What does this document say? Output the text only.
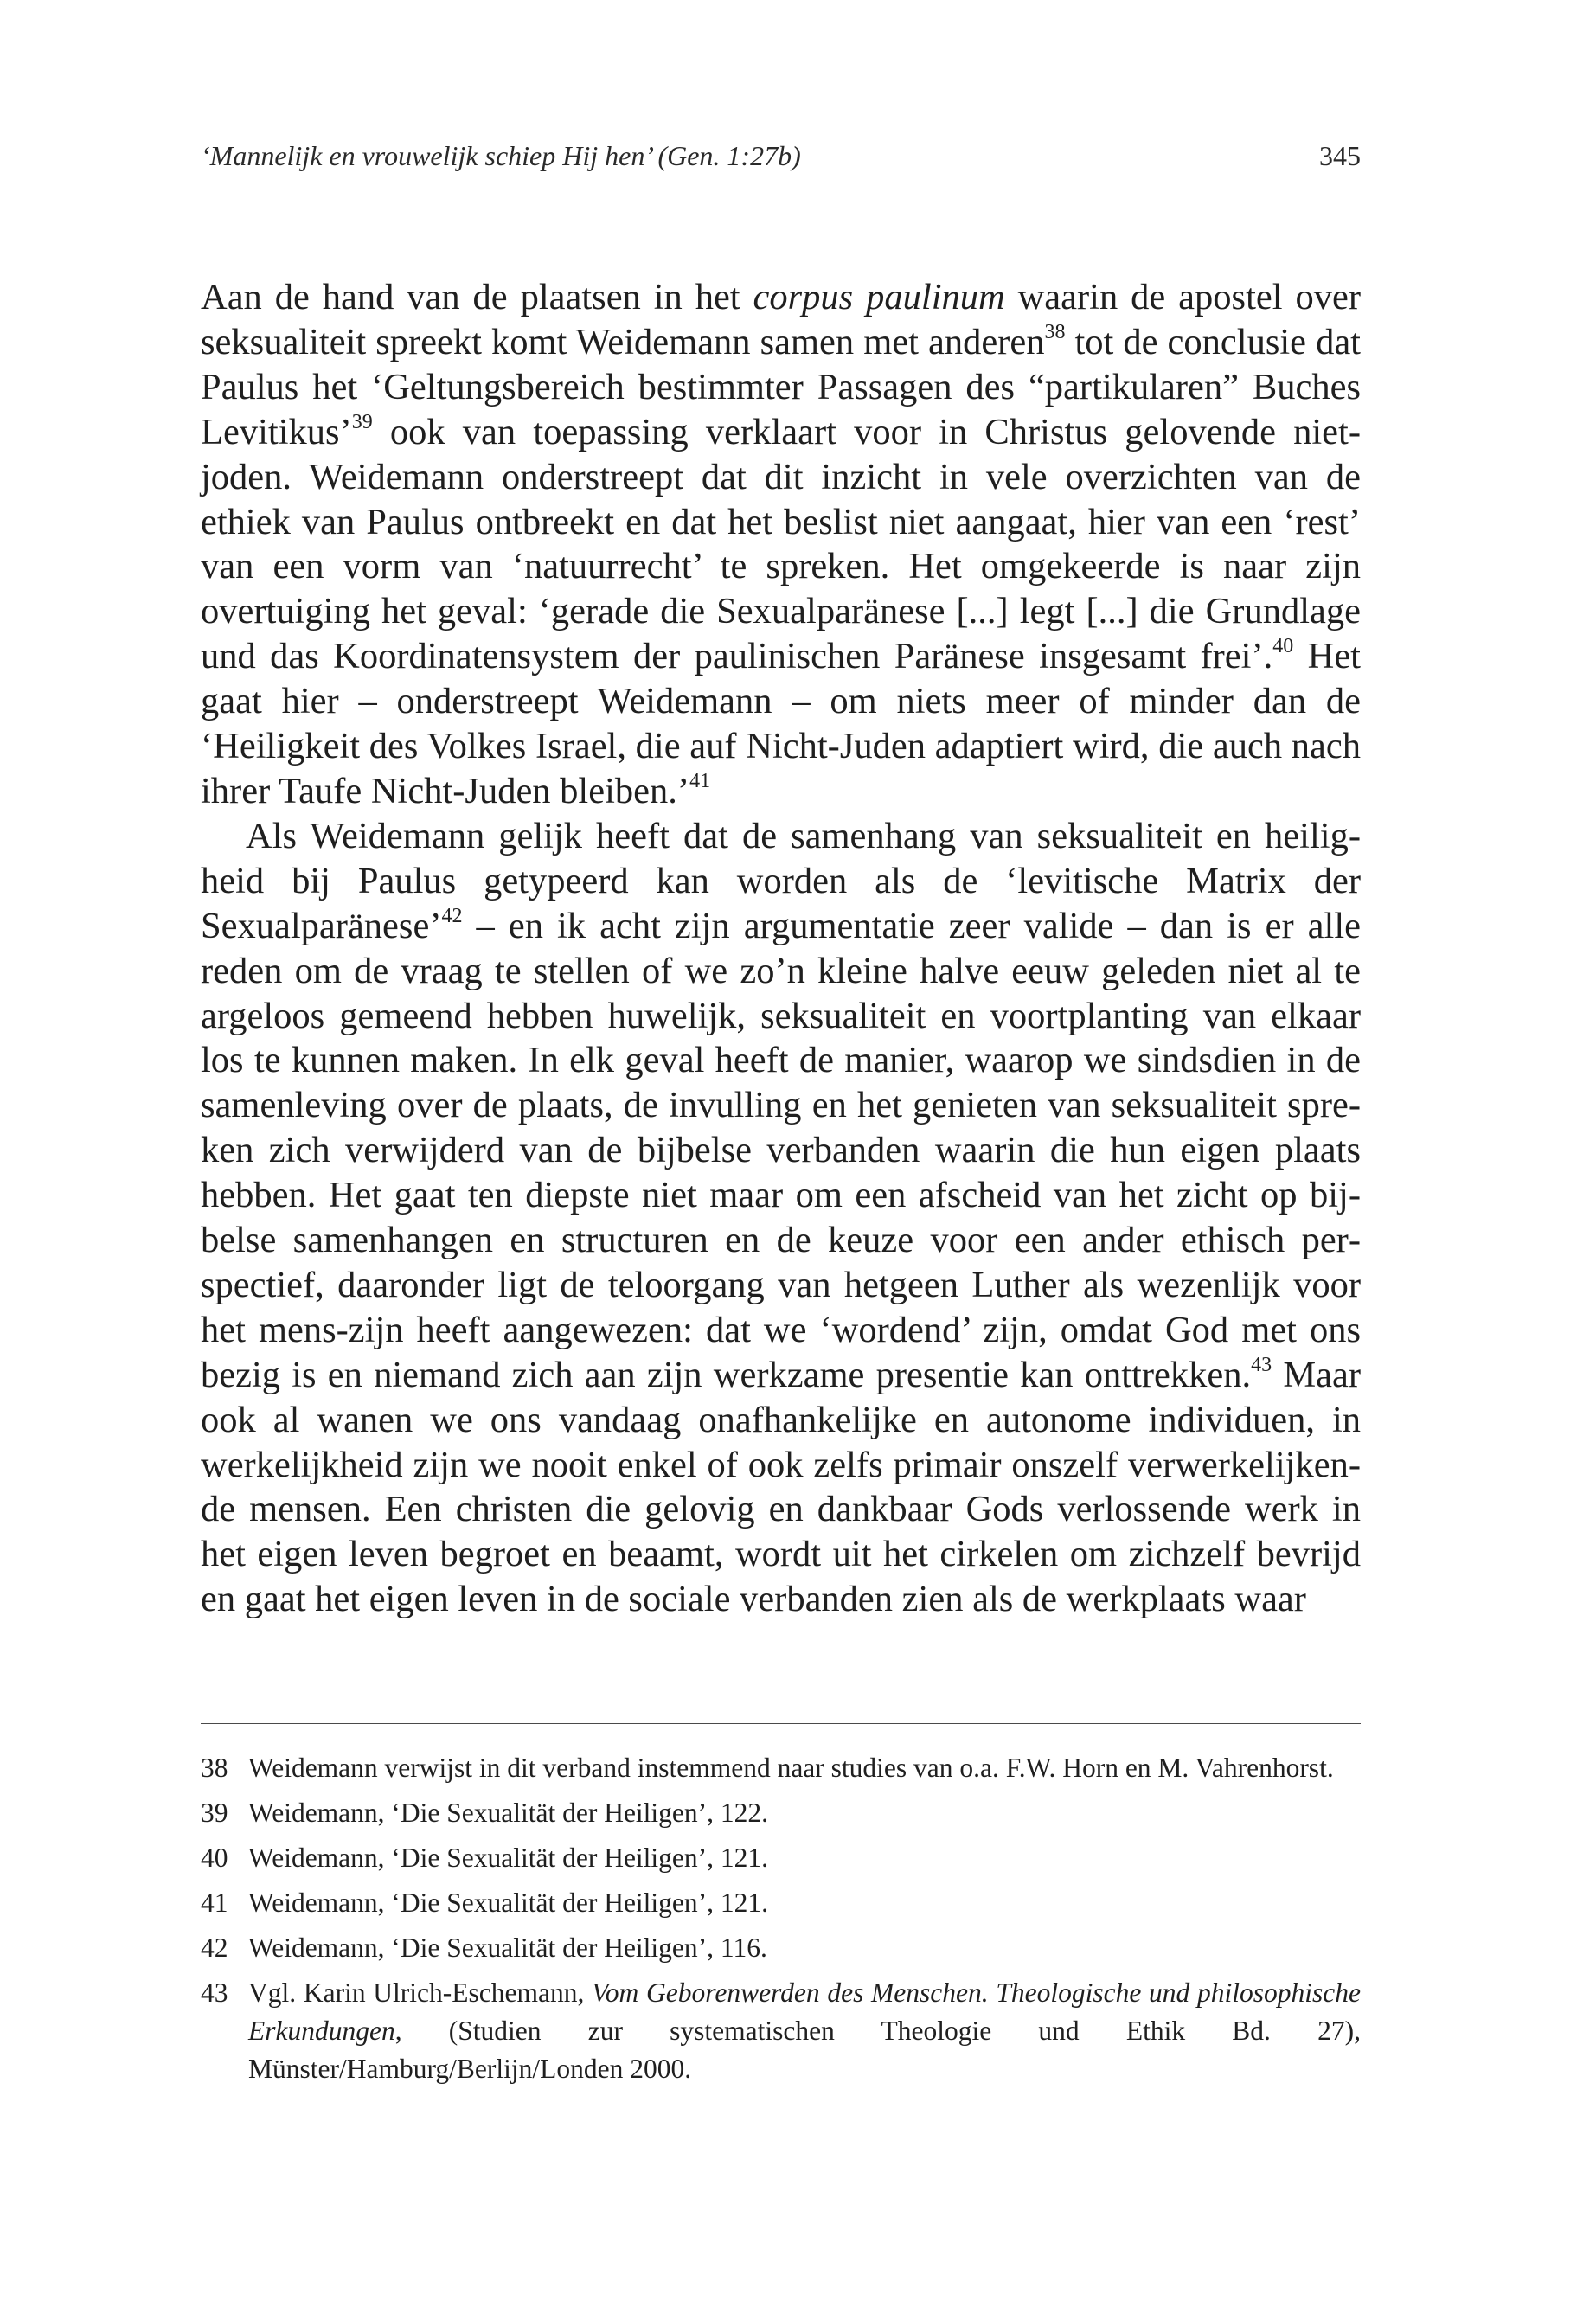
‘Mannelijk en vrouwelijk schiep Hij hen’ (Gen. 1:27b)	345

Aan de hand van de plaatsen in het corpus paulinum waarin de apostel over seksualiteit spreekt komt Weidemann samen met anderen$^{38}$ tot de conclusie dat Paulus het ‘Geltungsbereich bestimmter Passagen des “partikularen” Buches Levitikus’$^{39}$ ook van toepassing verklaart voor in Christus gelovende niet-joden. Weidemann onderstreept dat dit inzicht in vele overzichten van de ethiek van Paulus ontbreekt en dat het beslist niet aangaat, hier van een ‘rest’ van een vorm van ‘natuurrecht’ te spreken. Het omgekeerde is naar zijn overtuiging het geval: ‘gerade die Sexualparänese [...] legt [...] die Grundlage und das Koordinatensystem der paulinischen Paränese insgesamt frei’.$^{40}$ Het gaat hier – onderstreept Weidemann – om niets meer of minder dan de ‘Heiligkeit des Volkes Israel, die auf Nicht-Juden adaptiert wird, die auch nach ihrer Taufe Nicht-Juden bleiben.’$^{41}$

Als Weidemann gelijk heeft dat de samenhang van seksualiteit en heiligheid bij Paulus getypeerd kan worden als de ‘levitische Matrix der Sexualparänese’$^{42}$ – en ik acht zijn argumentatie zeer valide – dan is er alle reden om de vraag te stellen of we zo’n kleine halve eeuw geleden niet al te argeloos gemeend hebben huwelijk, seksualiteit en voortplanting van elkaar los te kunnen maken. In elk geval heeft de manier, waarop we sindsdien in de samenleving over de plaats, de invulling en het genieten van seksualiteit spreken zich verwijderd van de bijbelse verbanden waarin die hun eigen plaats hebben. Het gaat ten diepste niet maar om een afscheid van het zicht op bijbelse samenhangen en structuren en de keuze voor een ander ethisch perspectief, daaronder ligt de teloorgang van hetgeen Luther als wezenlijk voor het mens-zijn heeft aangewezen: dat we ‘wordend’ zijn, omdat God met ons bezig is en niemand zich aan zijn werkzame presentie kan onttrekken.$^{43}$ Maar ook al wanen we ons vandaag onafhankelijke en autonome individuen, in werkelijkheid zijn we nooit enkel of ook zelfs primair onszelf verwerkelijkende mensen. Een christen die gelovig en dankbaar Gods verlossende werk in het eigen leven begroet en beaamt, wordt uit het cirkelen om zichzelf bevrijd en gaat het eigen leven in de sociale verbanden zien als de werkplaats waar

38 Weidemann verwijst in dit verband instemmend naar studies van o.a. F.W. Horn en M. Vahrenhorst.
39 Weidemann, ‘Die Sexualität der Heiligen’, 122.
40 Weidemann, ‘Die Sexualität der Heiligen’, 121.
41 Weidemann, ‘Die Sexualität der Heiligen’, 121.
42 Weidemann, ‘Die Sexualität der Heiligen’, 116.
43 Vgl. Karin Ulrich-Eschemann, Vom Geborenwerden des Menschen. Theologische und philosophische Erkundungen, (Studien zur systematischen Theologie und Ethik Bd. 27), Münster/Hamburg/Berlijn/Londen 2000.
